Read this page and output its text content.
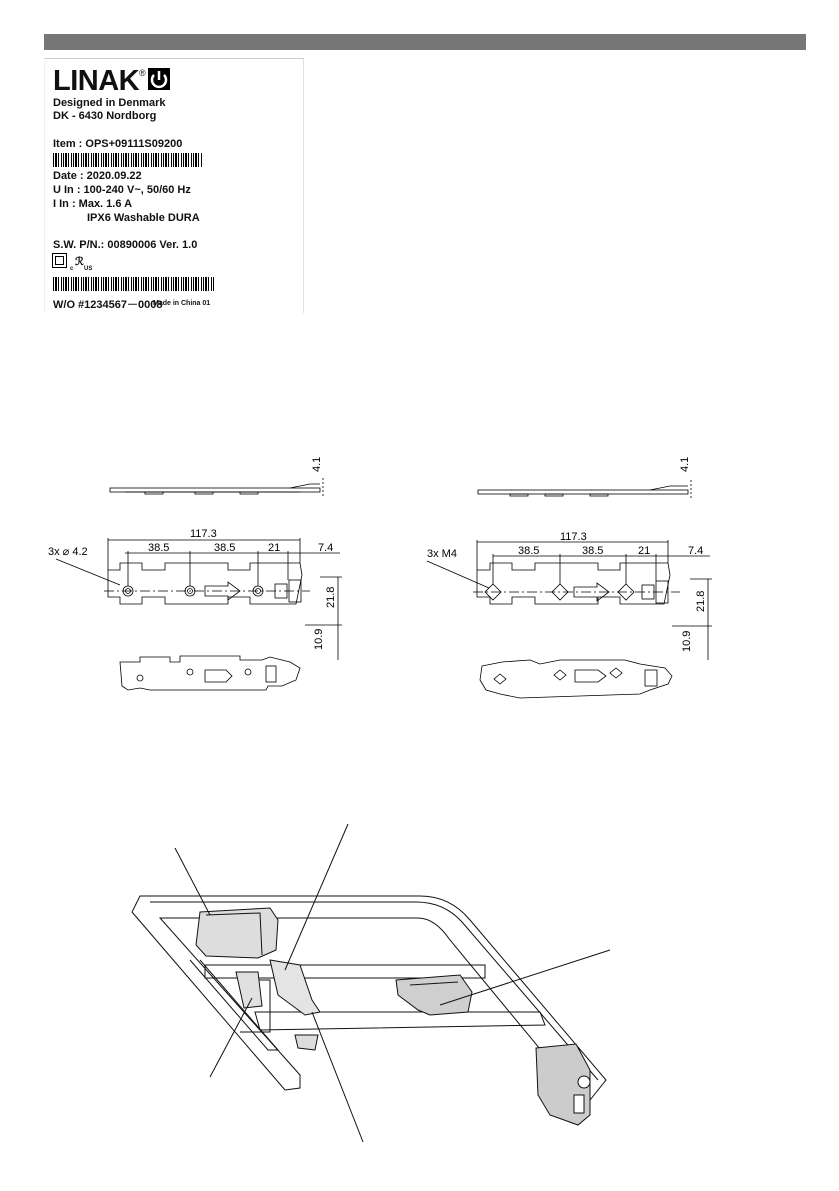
LINAK ®
Designed in Denmark
DK - 6430 Nordborg
Item : OPS+09111S09200
Date : 2020.09.22
U In : 100-240 V~, 50/60 Hz
I In : Max. 1.6 A
IPX6 Washable DURA
S.W. P/N.: 00890006 Ver. 1.0
c
ℛ
US
W/O #1234567－0008
Made in China 01
4.1
117.3
3x ⌀ 4.2	38.5	38.5	21	7.4
21.8
10.9
4.1
117.3
3x M4	38.5	38.5	21	7.4
21.8
10.9
